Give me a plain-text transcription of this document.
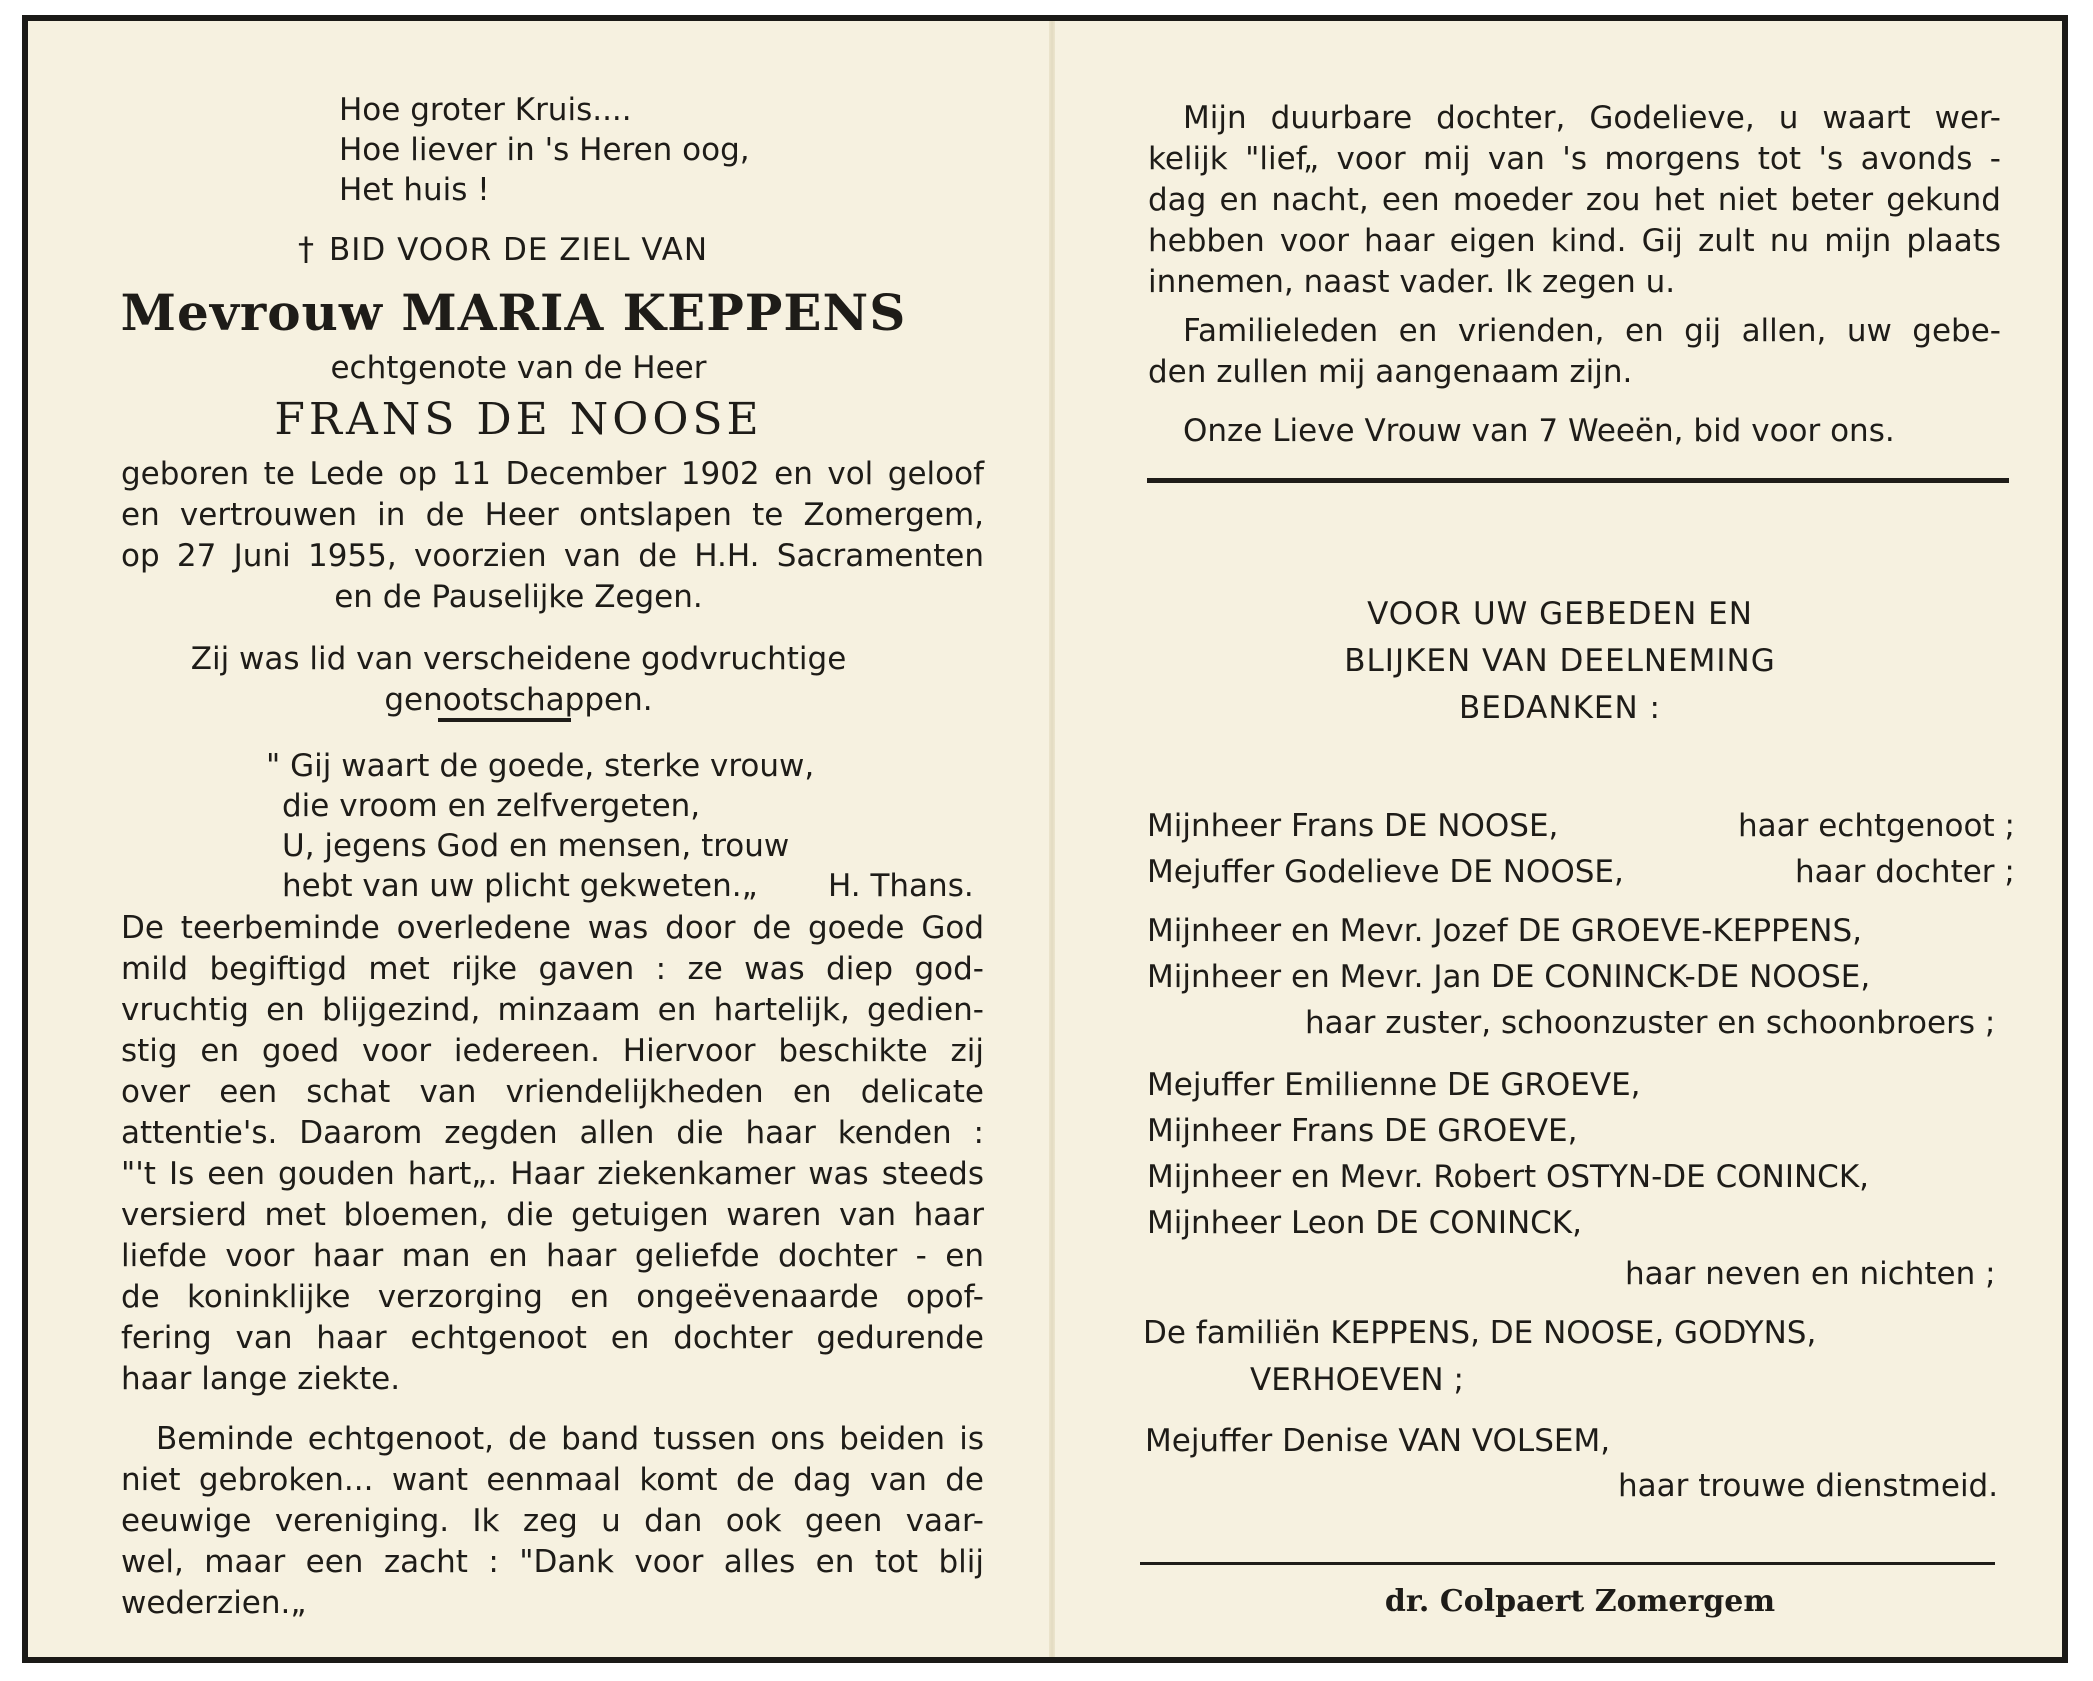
Hoe groter Kruis....
Hoe liever in 's Heren oog,
Het huis !
† BID VOOR DE ZIEL VAN
Mevrouw MARIA KEPPENS
echtgenote van de Heer
FRANS DE NOOSE
geboren te Lede op 11 December 1902 en vol geloof
en vertrouwen in de Heer ontslapen te Zomergem,
op 27 Juni 1955, voorzien van de H.H. Sacramenten
en de Pauselijke Zegen.
Zij was lid van verscheidene godvruchtige
genootschappen.
" Gij waart de goede, sterke vrouw,
die vroom en zelfvergeten,
U, jegens God en mensen, trouw
hebt van uw plicht gekweten.„ H. Thans.
De teerbeminde overledene was door de goede God
mild begiftigd met rijke gaven : ze was diep god-
vruchtig en blijgezind, minzaam en hartelijk, gedien-
stig en goed voor iedereen. Hiervoor beschikte zij
over een schat van vriendelijkheden en delicate
attentie's. Daarom zegden allen die haar kenden :
"'t Is een gouden hart„. Haar ziekenkamer was steeds
versierd met bloemen, die getuigen waren van haar
liefde voor haar man en haar geliefde dochter - en
de koninklijke verzorging en ongeëvenaarde opof-
fering van haar echtgenoot en dochter gedurende
haar lange ziekte.
Beminde echtgenoot, de band tussen ons beiden is
niet gebroken... want eenmaal komt de dag van de
eeuwige vereniging. Ik zeg u dan ook geen vaar-
wel, maar een zacht : "Dank voor alles en tot blij
wederzien.„
Mijn duurbare dochter, Godelieve, u waart wer-
kelijk "lief„ voor mij van 's morgens tot 's avonds -
dag en nacht, een moeder zou het niet beter gekund
hebben voor haar eigen kind. Gij zult nu mijn plaats
innemen, naast vader. Ik zegen u.
Familieleden en vrienden, en gij allen, uw gebe-
den zullen mij aangenaam zijn.
Onze Lieve Vrouw van 7 Weeën, bid voor ons.
VOOR UW GEBEDEN EN
BLIJKEN VAN DEELNEMING
BEDANKEN :
Mijnheer Frans DE NOOSE,	haar echtgenoot ;
Mejuffer Godelieve DE NOOSE,	haar dochter ;
Mijnheer en Mevr. Jozef DE GROEVE-KEPPENS,
Mijnheer en Mevr. Jan DE CONINCK-DE NOOSE,
haar zuster, schoonzuster en schoonbroers ;
Mejuffer Emilienne DE GROEVE,
Mijnheer Frans DE GROEVE,
Mijnheer en Mevr. Robert OSTYN-DE CONINCK,
Mijnheer Leon DE CONINCK,
haar neven en nichten ;
De familiën KEPPENS, DE NOOSE, GODYNS,
VERHOEVEN ;
Mejuffer Denise VAN VOLSEM,
haar trouwe dienstmeid.
dr. Colpaert Zomergem
